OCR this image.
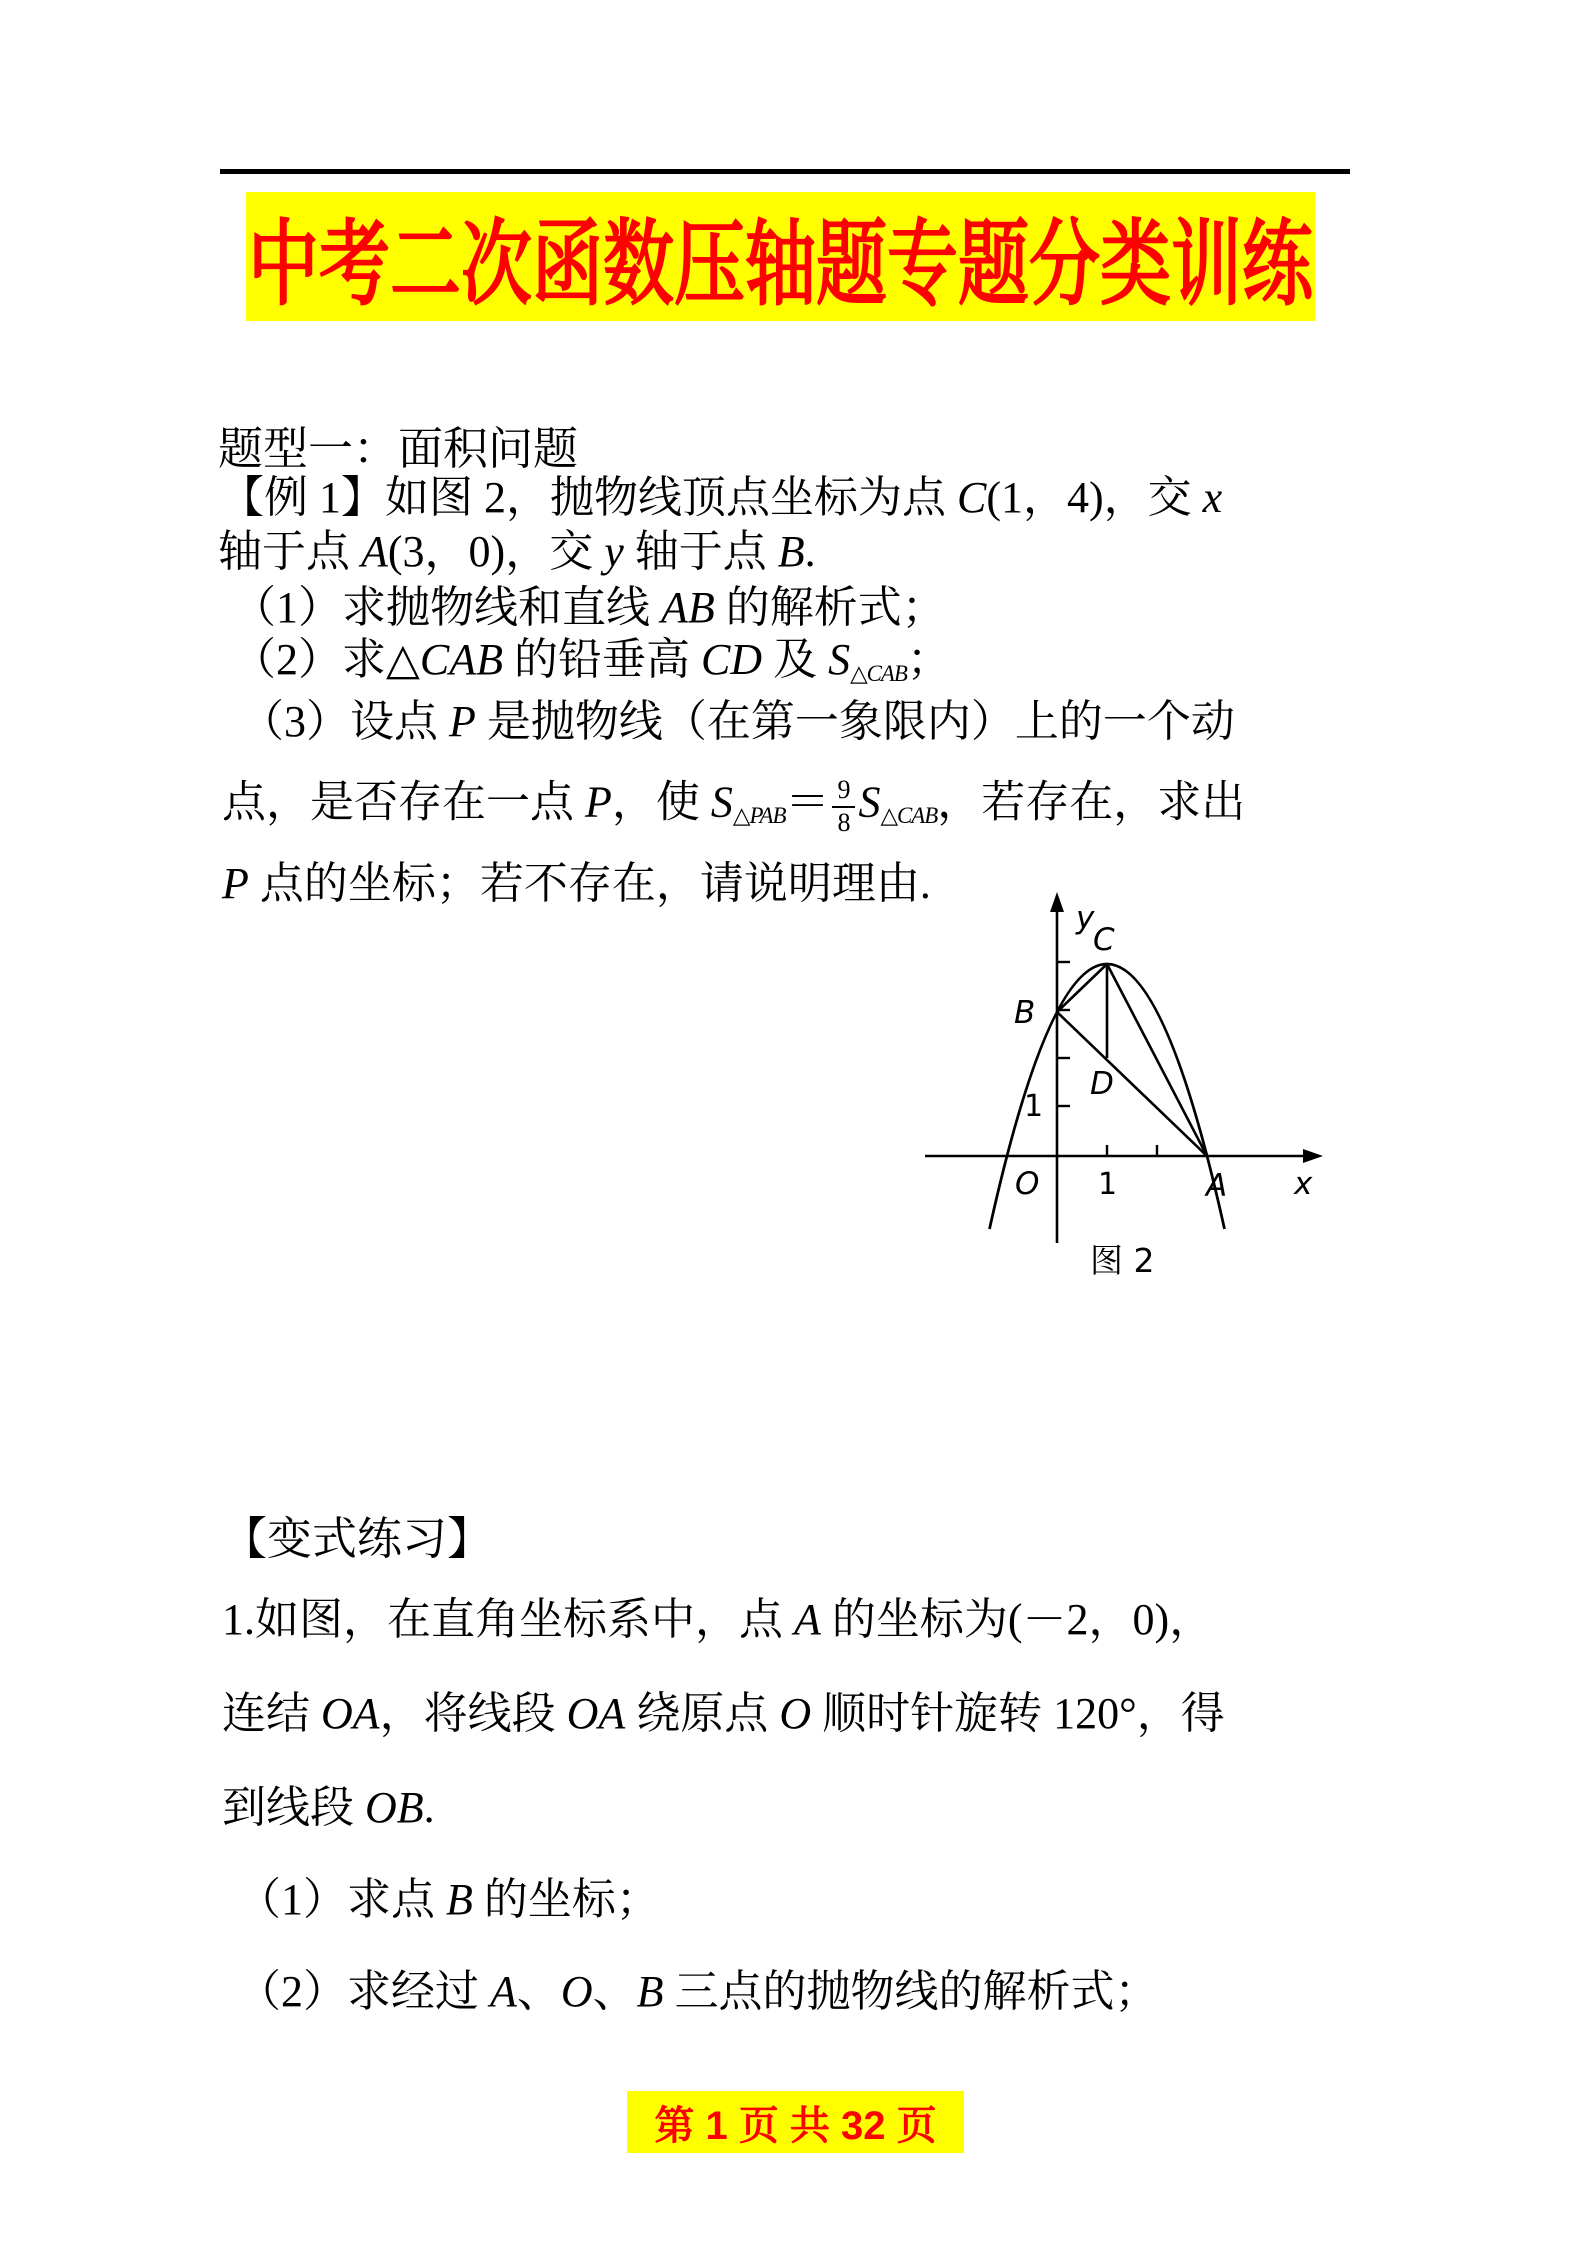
中考二次函数压轴题专题分类训练
题型一：面积问题
【例 1】如图 2，抛物线顶点坐标为点 C(1，4)，交 x
轴于点 A(3，0)，交 y 轴于点 B.
（1）求抛物线和直线 AB 的解析式；
（2）求△CAB 的铅垂高 CD 及 $S_{\triangle CAB}$；
（3）设点 P 是抛物线（在第一象限内）上的一个动
点，是否存在一点 P，使 $S_{\triangle PAB}= \frac{9}{8} S_{\triangle CAB}$，若存在，求出
P 点的坐标；若不存在，请说明理由.
y
x
O 1
1
A
B
C
D
图 2
【变式练习】
1.如图，在直角坐标系中，点 A 的坐标为(－2，0)，
连结 OA，将线段 OA 绕原点 O 顺时针旋转 120°，得
到线段 OB.
（1）求点 B 的坐标；
（2）求经过 A、O、B 三点的抛物线的解析式；
第 1 页 共 32 页
